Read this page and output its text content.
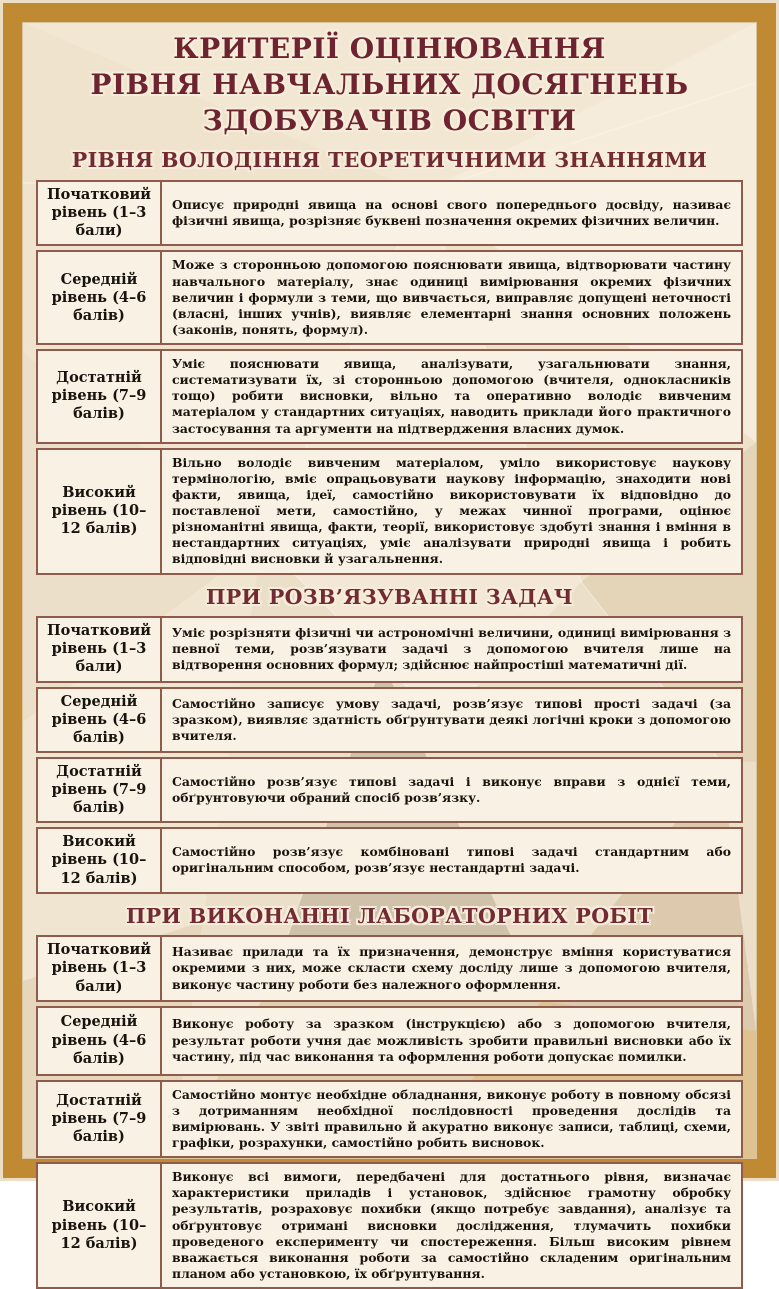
КРИТЕРІЇ ОЦІНЮВАННЯ
РІВНЯ НАВЧАЛЬНИХ ДОСЯГНЕНЬ
ЗДОБУВАЧІВ ОСВІТИ
РІВНЯ ВОЛОДІННЯ ТЕОРЕТИЧНИМИ ЗНАННЯМИ
Початковий рівень (1–3 бали)
Описує природні явища на основі свого попереднього досвіду, називає фізичні явища, розрізняє буквені позначення окремих фізичних величин.
Середній рівень (4–6 балів)
Може з сторонньою допомогою пояснювати явища, відтворювати частину навчального матеріалу, знає одиниці вимірювання окремих фізичних величин і формули з теми, що вивчається, виправляє допущені неточності (власні, інших учнів), виявляє елементарні знання основних положень (законів, понять, формул).
Достатній рівень (7–9 балів)
Уміє пояснювати явища, аналізувати, узагальнювати знання, систематизувати їх, зі сторонньою допомогою (вчителя, однокласників тощо) робити висновки, вільно та оперативно володіє вивченим матеріалом у стандартних ситуаціях, наводить приклади його практичного застосування та аргументи на підтвердження власних думок.
Високий рівень (10–12 балів)
Вільно володіє вивченим матеріалом, уміло використовує наукову термінологію, вміє опрацьовувати наукову інформацію, знаходити нові факти, явища, ідеї, самостійно використовувати їх відповідно до поставленої мети, самостійно, у межах чинної програми, оцінює різноманітні явища, факти, теорії, використовує здобуті знання і вміння в нестандартних ситуаціях, уміє аналізувати природні явища і робить відповідні висновки й узагальнення.
ПРИ РОЗВ’ЯЗУВАННІ ЗАДАЧ
Початковий рівень (1–3 бали)
Уміє розрізняти фізичні чи астрономічні величини, одиниці вимірювання з певної теми, розв’язувати задачі з допомогою вчителя лише на відтворення основних формул; здійснює найпростіші математичні дії.
Середній рівень (4–6 балів)
Самостійно записує умову задачі, розв’язує типові прості задачі (за зразком), виявляє здатність обґрунтувати деякі логічні кроки з допомогою вчителя.
Достатній рівень (7–9 балів)
Самостійно розв’язує типові задачі і виконує вправи з однієї теми, обґрунтовуючи обраний спосіб розв’язку.
Високий рівень (10–12 балів)
Самостійно розв’язує комбіновані типові задачі стандартним або оригінальним способом, розв’язує нестандартні задачі.
ПРИ ВИКОНАННІ ЛАБОРАТОРНИХ РОБІТ
Початковий рівень (1–3 бали)
Називає прилади та їх призначення, демонструє вміння користуватися окремими з них, може скласти схему досліду лише з допомогою вчителя, виконує частину роботи без належного оформлення.
Середній рівень (4–6 балів)
Виконує роботу за зразком (інструкцією) або з допомогою вчителя, результат роботи учня дає можливість зробити правильні висновки або їх частину, під час виконання та оформлення роботи допускає помилки.
Достатній рівень (7–9 балів)
Самостійно монтує необхідне обладнання, виконує роботу в повному обсязі з дотриманням необхідної послідовності проведення дослідів та вимірювань. У звіті правильно й акуратно виконує записи, таблиці, схеми, графіки, розрахунки, самостійно робить висновок.
Високий рівень (10–12 балів)
Виконує всі вимоги, передбачені для достатнього рівня, визначає характеристики приладів і установок, здійснює грамотну обробку результатів, розраховує похибки (якщо потребує завдання), аналізує та обґрунтовує отримані висновки дослідження, тлумачить похибки проведеного експерименту чи спостереження. Більш високим рівнем вважається виконання роботи за самостійно складеним оригінальним планом або установкою, їх обґрунтування.
